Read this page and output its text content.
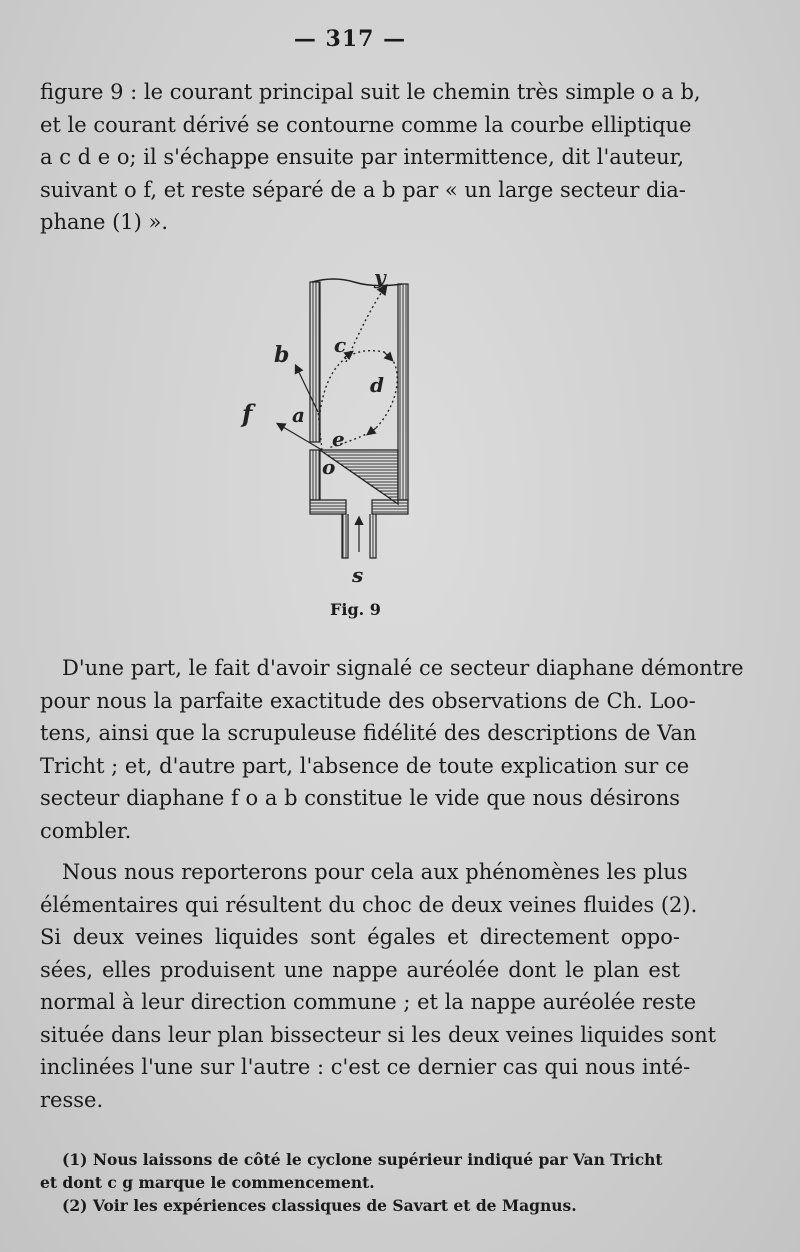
— 317 —
figure 9 : le courant principal suit le chemin très simple o a b,
et le courant dérivé se contourne comme la courbe elliptique
a c d e o; il s'échappe ensuite par intermittence, dit l'auteur,
suivant o f, et reste séparé de a b par « un large secteur dia-
phane (1) ».
y
b c
d
f a
e
o
s
Fig. 9
D'une part, le fait d'avoir signalé ce secteur diaphane démontre
pour nous la parfaite exactitude des observations de Ch. Loo-
tens, ainsi que la scrupuleuse fidélité des descriptions de Van
Tricht ; et, d'autre part, l'absence de toute explication sur ce
secteur diaphane f o a b constitue le vide que nous désirons
combler.
Nous nous reporterons pour cela aux phénomènes les plus
élémentaires qui résultent du choc de deux veines fluides (2).
Si deux veines liquides sont égales et directement oppo-
sées, elles produisent une nappe auréolée dont le plan est
normal à leur direction commune ; et la nappe auréolée reste
située dans leur plan bissecteur si les deux veines liquides sont
inclinées l'une sur l'autre : c'est ce dernier cas qui nous inté-
resse.
(1) Nous laissons de côté le cyclone supérieur indiqué par Van Tricht
et dont c g marque le commencement.
(2) Voir les expériences classiques de Savart et de Magnus.
